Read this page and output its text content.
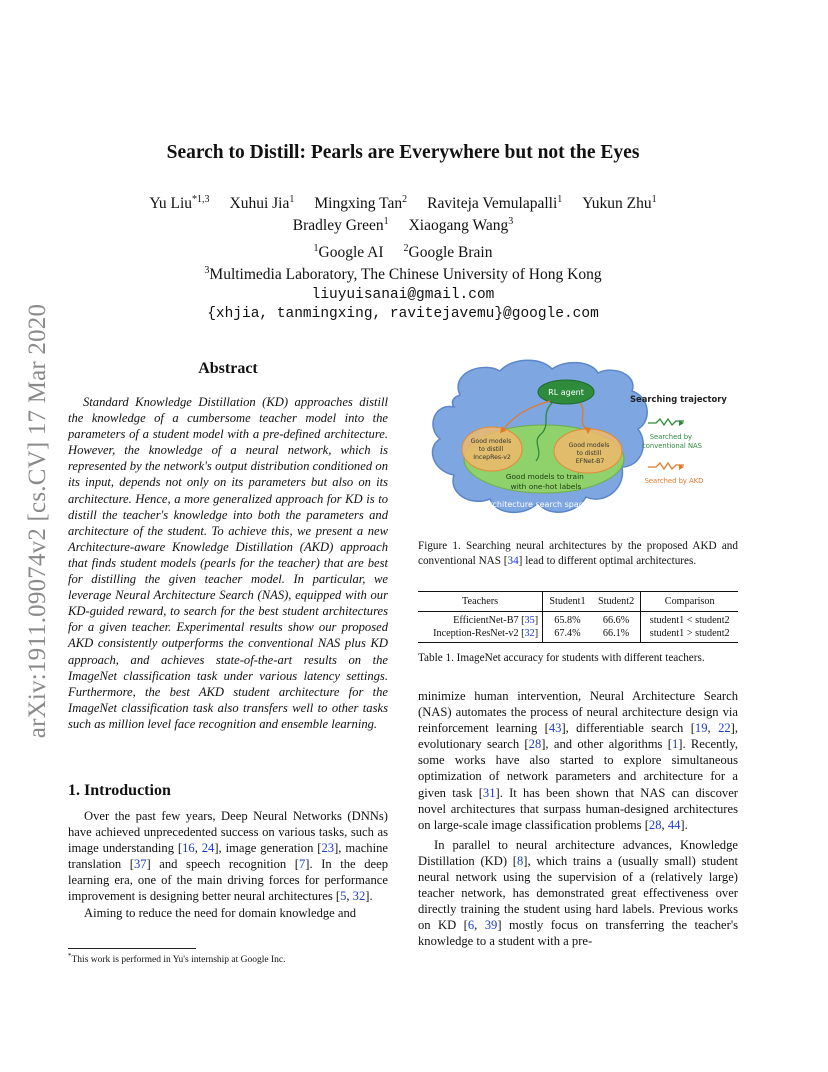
arXiv:1911.09074v2 [cs.CV] 17 Mar 2020
Search to Distill: Pearls are Everywhere but not the Eyes
Yu Liu$^{*1,3}$ Xuhui Jia$^1$ Mingxing Tan$^2$ Raviteja Vemulapalli$^1$ Yukun Zhu$^1$
Bradley Green$^1$ Xiaogang Wang$^3$
$^1$Google AI $^2$Google Brain
$^3$Multimedia Laboratory, The Chinese University of Hong Kong
liuyuisanai@gmail.com
{xhjia, tanmingxing, ravitejavemu}@google.com
Abstract
Standard Knowledge Distillation (KD) approaches distill the knowledge of a cumbersome teacher model into the parameters of a student model with a pre-defined architecture. However, the knowledge of a neural network, which is represented by the network's output distribution conditioned on its input, depends not only on its parameters but also on its architecture. Hence, a more generalized approach for KD is to distill the teacher's knowledge into both the parameters and architecture of the student. To achieve this, we present a new Architecture-aware Knowledge Distillation (AKD) approach that finds student models (pearls for the teacher) that are best for distilling the given teacher model. In particular, we leverage Neural Architecture Search (NAS), equipped with our KD-guided reward, to search for the best student architectures for a given teacher. Experimental results show our proposed AKD consistently outperforms the conventional NAS plus KD approach, and achieves state-of-the-art results on the ImageNet classification task under various latency settings. Furthermore, the best AKD student architecture for the ImageNet classification task also transfers well to other tasks such as million level face recognition and ensemble learning.
1. Introduction

Over the past few years, Deep Neural Networks (DNNs) have achieved unprecedented success on various tasks, such as image understanding [16, 24], image generation [23], machine translation [37] and speech recognition [7]. In the deep learning era, one of the main driving forces for performance improvement is designing better neural architectures [5, 32].

Aiming to reduce the need for domain knowledge and

*This work is performed in Yu's internship at Google Inc.
RL agent
Good models to distill IncepRes-v2
Good models to distill EFNet-B7
Good models to train with one-hot labels
Architecture search space
Searching trajectory
Searched by conventional NAS
Searched by AKD
Figure 1. Searching neural architectures by the proposed AKD and conventional NAS [34] lead to different optimal architectures.
Teachers	Student1	Student2	Comparison
EfficientNet-B7 [35]	65.8%	66.6%	student1 < student2
Inception-ResNet-v2 [32]	67.4%	66.1%	student1 > student2
Table 1. ImageNet accuracy for students with different teachers.

minimize human intervention, Neural Architecture Search (NAS) automates the process of neural architecture design via reinforcement learning [43], differentiable search [19, 22], evolutionary search [28], and other algorithms [1]. Recently, some works have also started to explore simultaneous optimization of network parameters and architecture for a given task [31]. It has been shown that NAS can discover novel architectures that surpass human-designed architectures on large-scale image classification problems [28, 44].

In parallel to neural architecture advances, Knowledge Distillation (KD) [8], which trains a (usually small) student neural network using the supervision of a (relatively large) teacher network, has demonstrated great effectiveness over directly training the student using hard labels. Previous works on KD [6, 39] mostly focus on transferring the teacher's knowledge to a student with a pre-
